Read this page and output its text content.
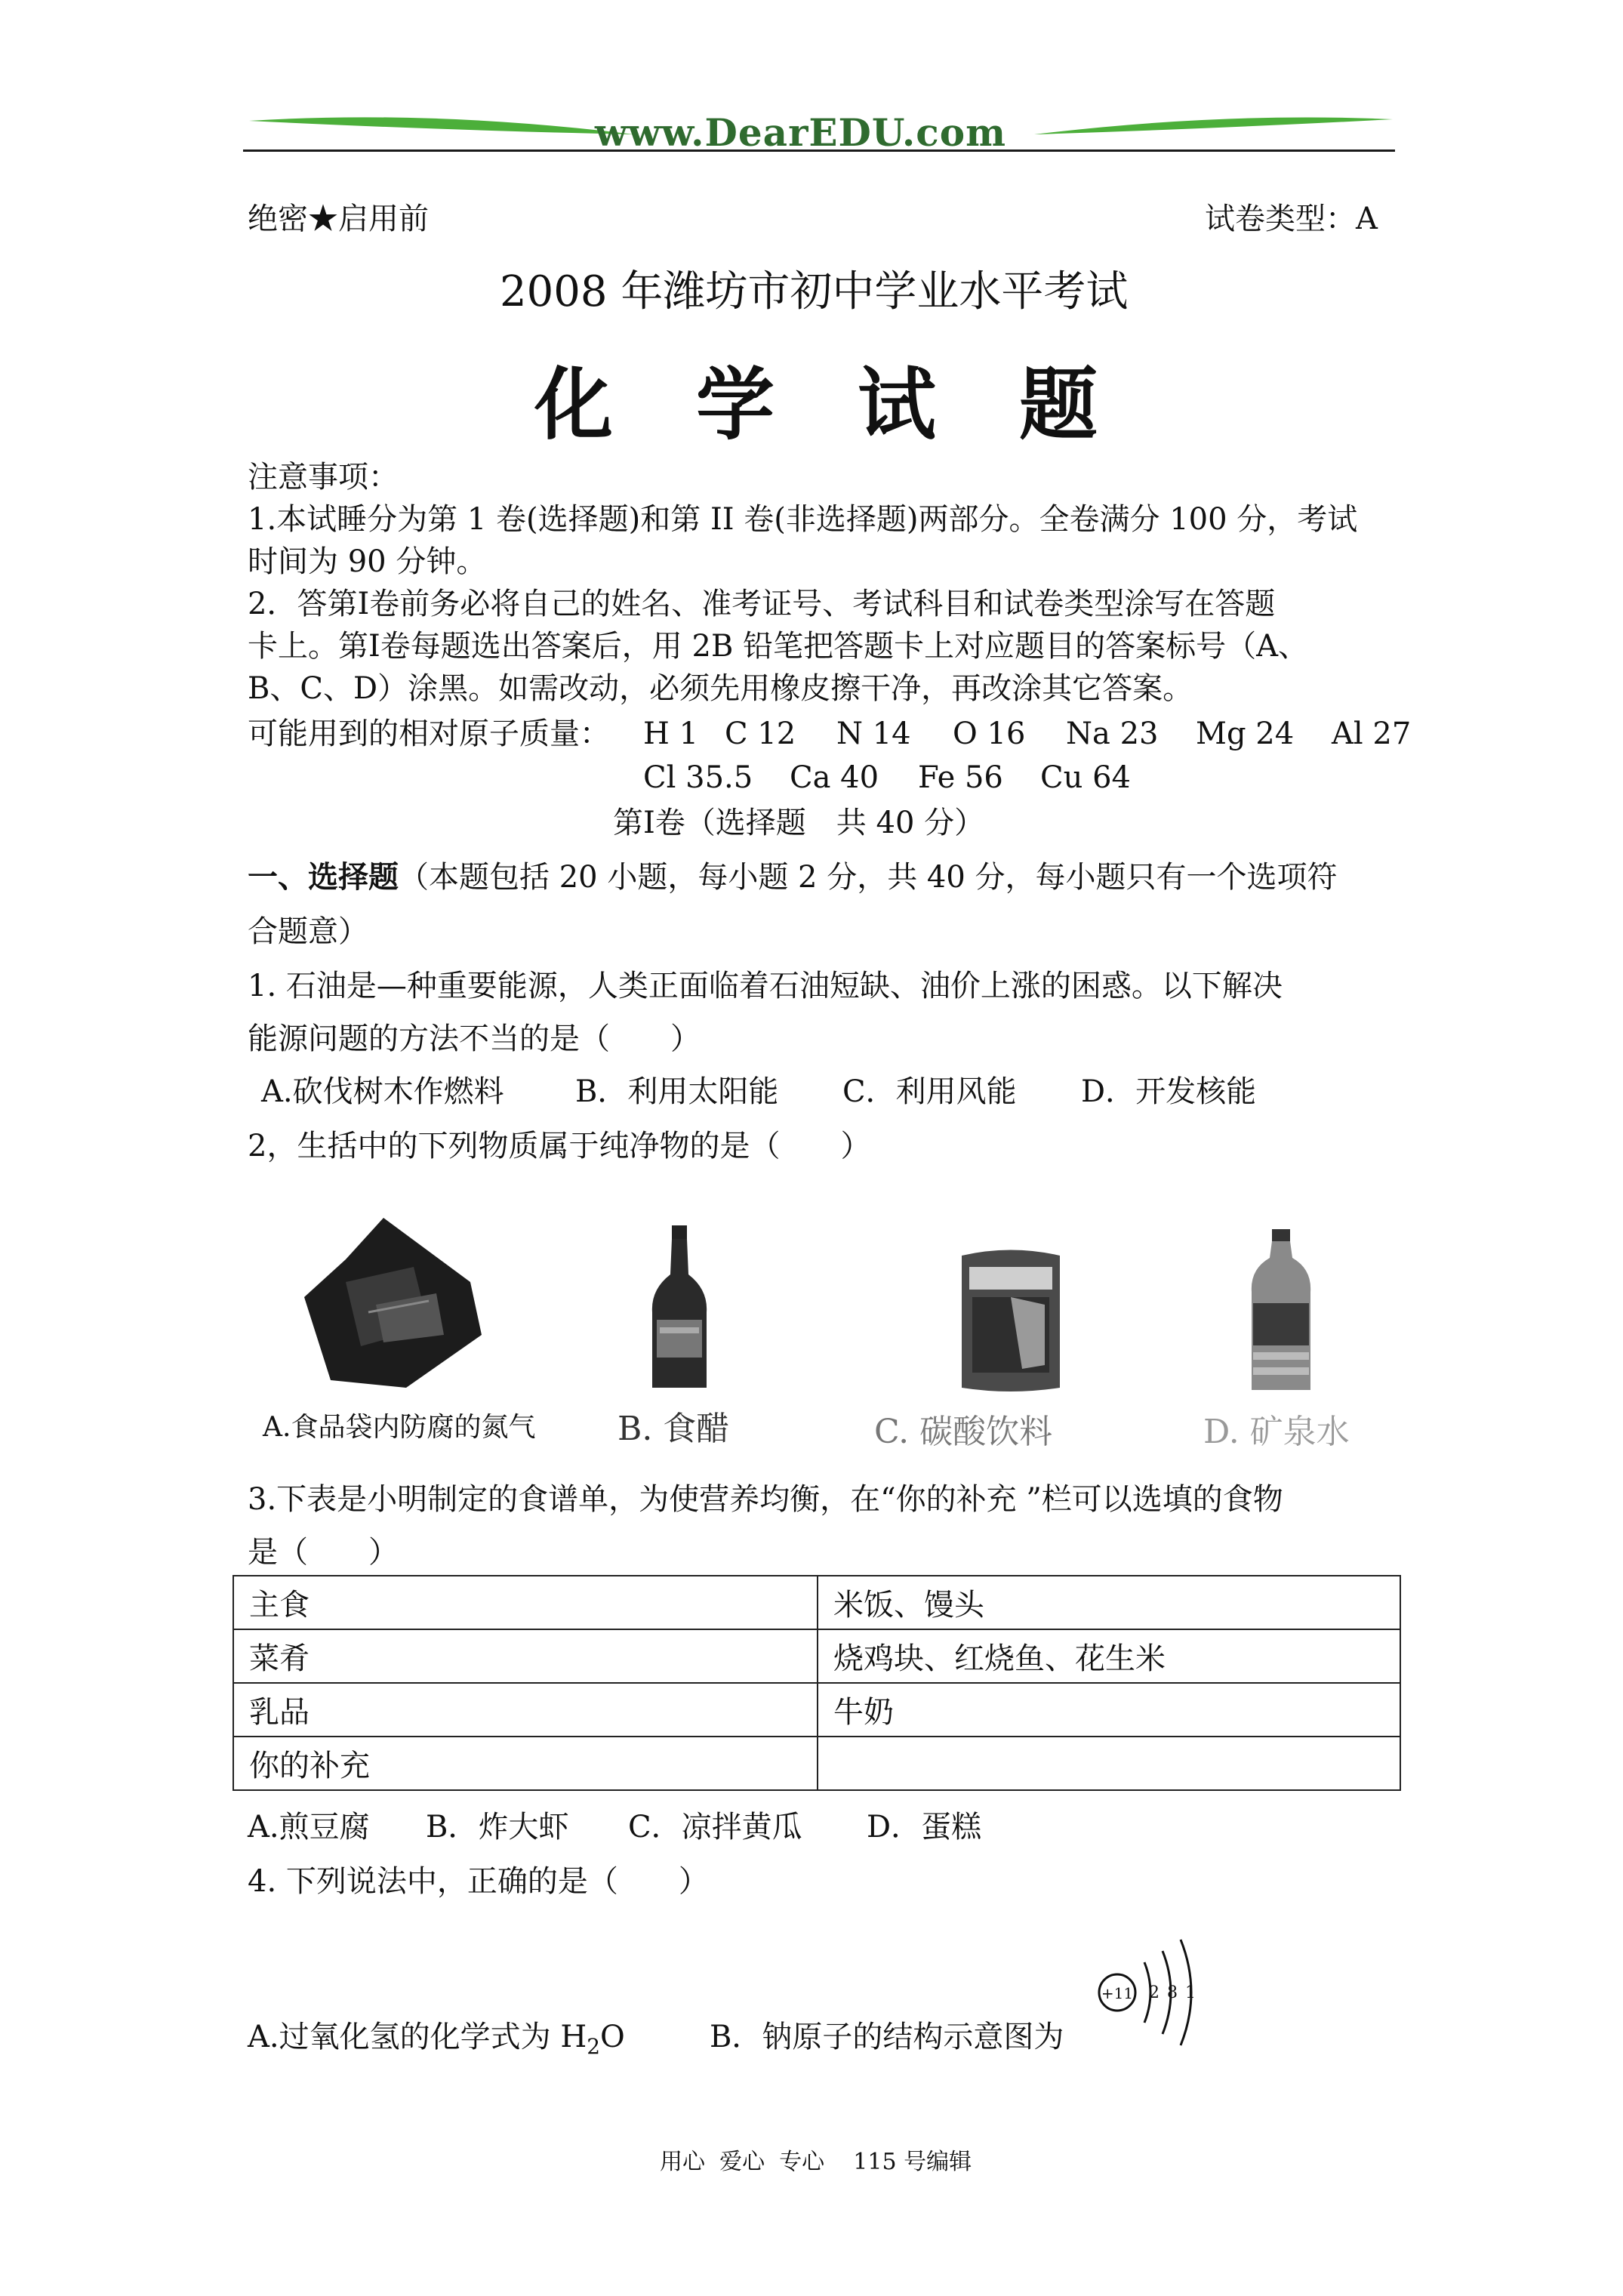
www.DearEDU.com
绝密★启用前	试卷类型：A
2008 年潍坊市初中学业水平考试
化学试题
注意事项：
1.本试睡分为第 1 卷(选择题)和第 II 卷(非选择题)两部分。全卷满分 100 分，考试
时间为 90 分钟。
2．答第Ⅰ卷前务必将自己的姓名、准考证号、考试科目和试卷类型涂写在答题
卡上。第Ⅰ卷每题选出答案后，用 2B 铅笔把答题卡上对应题目的答案标号（A、
B、C、D）涂黑。如需改动，必须先用橡皮擦干净，再改涂其它答案。
可能用到的相对原子质量： H 1 C 12 N 14 O 16 Na 23 Mg 24 Al 27
Cl 35.5 Ca 40 Fe 56 Cu 64
第Ⅰ卷（选择题　共 40 分）
一、选择题（本题包括 20 小题，每小题 2 分，共 40 分，每小题只有一个选项符
合题意）
1. 石油是—种重要能源，人类正面临着石油短缺、油价上涨的困惑。以下解决
能源问题的方法不当的是（　　）
A.砍伐树木作燃料 B．利用太阳能 C．利用风能 D．开发核能
2，生括中的下列物质属于纯净物的是（　　）
A.食品袋内防腐的氮气 B. 食醋	C. 碳酸饮料	D. 矿泉水
3.下表是小明制定的食谱单，为使营养均衡，在“你的补充 ”栏可以选填的食物
是（　　）
主食	米饭、馒头
菜肴	烧鸡块、红烧鱼、花生米
乳品	牛奶
你的补充	
A.煎豆腐 B．炸大虾 C．凉拌黄瓜 D．蛋糕
4. 下列说法中，正确的是（　　）
A.过氧化氢的化学式为 $H_2O$	B．钠原子的结构示意图为
+11 2 8 1
用心  爱心  专心    115 号编辑
